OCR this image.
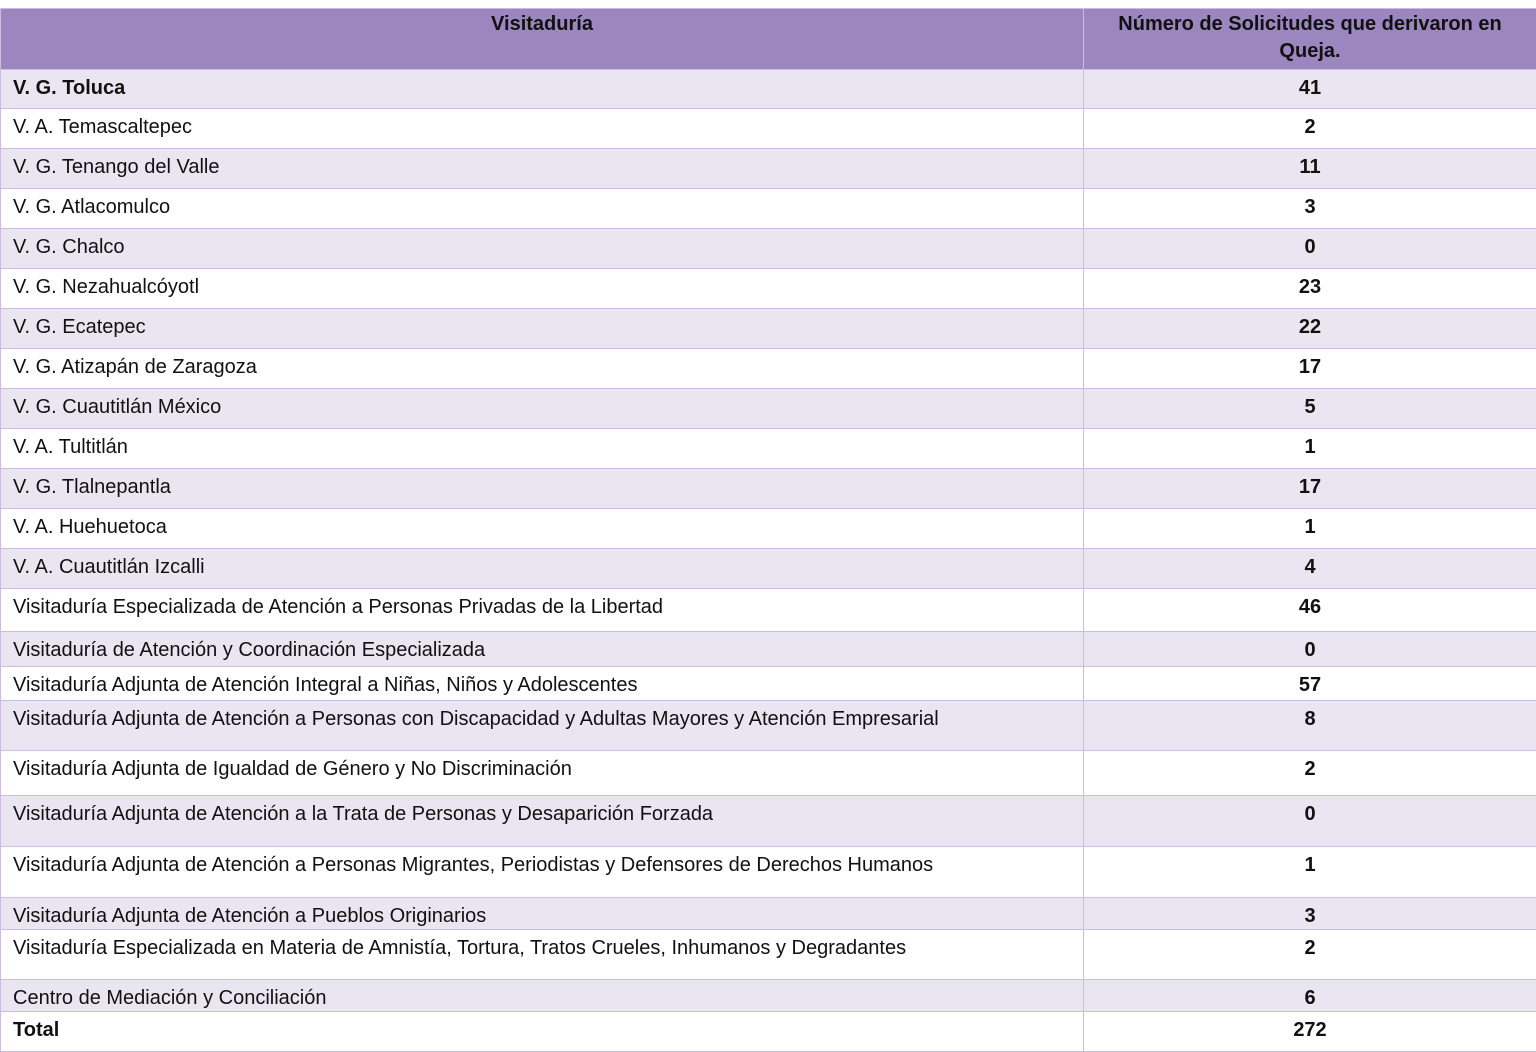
Visitaduría	Número de Solicitudes que derivaron en Queja.
V. G. Toluca	41
V. A. Temascaltepec	2
V. G. Tenango del Valle	11
V. G. Atlacomulco	3
V. G. Chalco	0
V. G. Nezahualcóyotl	23
V. G. Ecatepec	22
V. G. Atizapán de Zaragoza	17
V. G. Cuautitlán México	5
V. A. Tultitlán	1
V. G. Tlalnepantla	17
V. A. Huehuetoca	1
V. A. Cuautitlán Izcalli	4
Visitaduría Especializada de Atención a Personas Privadas de la Libertad	46
Visitaduría de Atención y Coordinación Especializada	0
Visitaduría Adjunta de Atención Integral a Niñas, Niños y Adolescentes	57
Visitaduría Adjunta de Atención a Personas con Discapacidad y Adultas Mayores y Atención Empresarial	8
Visitaduría Adjunta de Igualdad de Género y No Discriminación	2
Visitaduría Adjunta de Atención a la Trata de Personas y Desaparición Forzada	0
Visitaduría Adjunta de Atención a Personas Migrantes, Periodistas y Defensores de Derechos Humanos	1
Visitaduría Adjunta de Atención a Pueblos Originarios	3
Visitaduría Especializada en Materia de Amnistía, Tortura, Tratos Crueles, Inhumanos y Degradantes	2
Centro de Mediación y Conciliación	6
Total	272
